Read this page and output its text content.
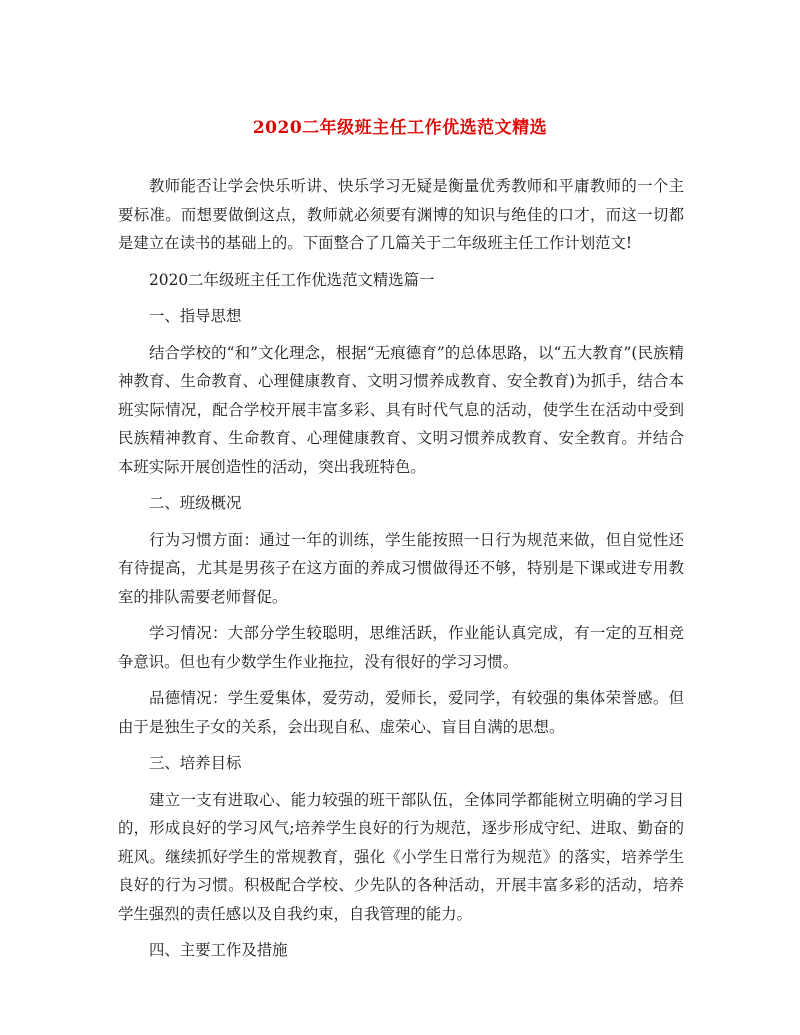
2020二年级班主任工作优选范文精选

教师能否让学会快乐听讲、快乐学习无疑是衡量优秀教师和平庸教师的一个主要标准。而想要做倒这点，教师就必须要有渊博的知识与绝佳的口才，而这一切都是建立在读书的基础上的。下面整合了几篇关于二年级班主任工作计划范文!

2020二年级班主任工作优选范文精选篇一

一、指导思想

结合学校的“和”文化理念，根据“无痕德育”的总体思路，以“五大教育”(民族精神教育、生命教育、心理健康教育、文明习惯养成教育、安全教育)为抓手，结合本班实际情况，配合学校开展丰富多彩、具有时代气息的活动，使学生在活动中受到民族精神教育、生命教育、心理健康教育、文明习惯养成教育、安全教育。并结合本班实际开展创造性的活动，突出我班特色。

二、班级概况

行为习惯方面：通过一年的训练，学生能按照一日行为规范来做，但自觉性还有待提高，尤其是男孩子在这方面的养成习惯做得还不够，特别是下课或进专用教室的排队需要老师督促。

学习情况：大部分学生较聪明，思维活跃，作业能认真完成，有一定的互相竞争意识。但也有少数学生作业拖拉，没有很好的学习习惯。

品德情况：学生爱集体，爱劳动，爱师长，爱同学，有较强的集体荣誉感。但由于是独生子女的关系，会出现自私、虚荣心、盲目自满的思想。

三、培养目标

建立一支有进取心、能力较强的班干部队伍，全体同学都能树立明确的学习目的，形成良好的学习风气;培养学生良好的行为规范，逐步形成守纪、进取、勤奋的班风。继续抓好学生的常规教育，强化《小学生日常行为规范》的落实，培养学生良好的行为习惯。积极配合学校、少先队的各种活动，开展丰富多彩的活动，培养学生强烈的责任感以及自我约束，自我管理的能力。

四、主要工作及措施
